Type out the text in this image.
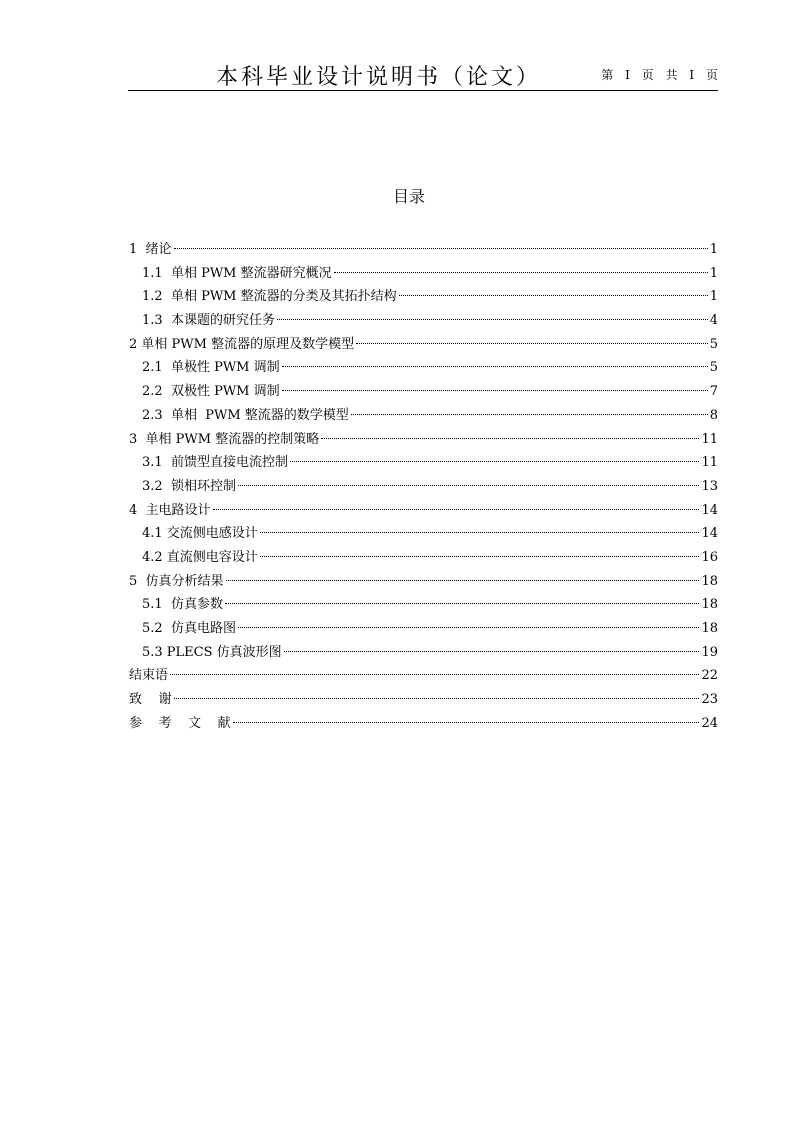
本科毕业设计说明书（论文）	第 I 页 共 I 页
目录
1  绪论	1
1.1  单相 PWM 整流器研究概况	1
1.2  单相 PWM 整流器的分类及其拓扑结构	1
1.3  本课题的研究任务	4
2 单相 PWM 整流器的原理及数学模型	5
2.1  单极性 PWM 调制	5
2.2  双极性 PWM 调制	7
2.3  单相  PWM 整流器的数学模型	8
3  单相 PWM 整流器的控制策略	11
3.1  前馈型直接电流控制	11
3.2  锁相环控制	13
4  主电路设计	14
4.1 交流侧电感设计	14
4.2 直流侧电容设计	16
5  仿真分析结果	18
5.1  仿真参数	18
5.2  仿真电路图	18
5.3 PLECS 仿真波形图	19
结束语	22
致    谢	23
参    考    文    献	24
